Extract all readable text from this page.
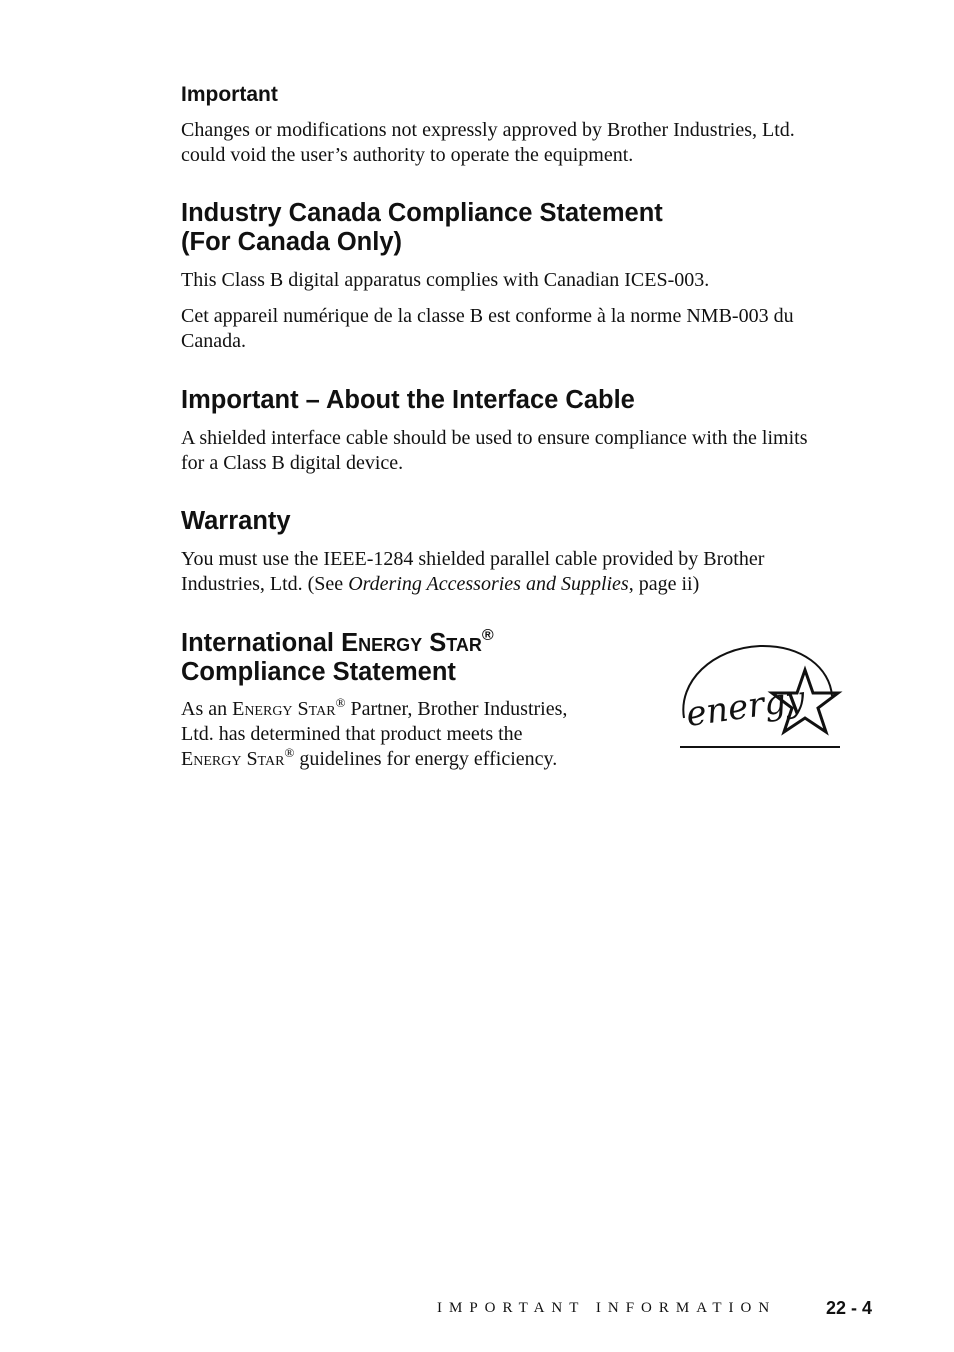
Important

Changes or modifications not expressly approved by Brother Industries, Ltd.
could void the user’s authority to operate the equipment.

Industry Canada Compliance Statement
(For Canada Only)

This Class B digital apparatus complies with Canadian ICES-003.

Cet appareil numérique de la classe B est conforme à la norme NMB-003 du
Canada.

Important – About the Interface Cable

A shielded interface cable should be used to ensure compliance with the limits
for a Class B digital device.

Warranty

You must use the IEEE-1284 shielded parallel cable provided by Brother
Industries, Ltd. (See Ordering Accessories and Supplies, page ii)

International Energy Star®
Compliance Statement

As an Energy Star® Partner, Brother Industries,
Ltd. has determined that product meets the
Energy Star® guidelines for energy efficiency.

energy
IMPORTANT INFORMATION	22 - 4
